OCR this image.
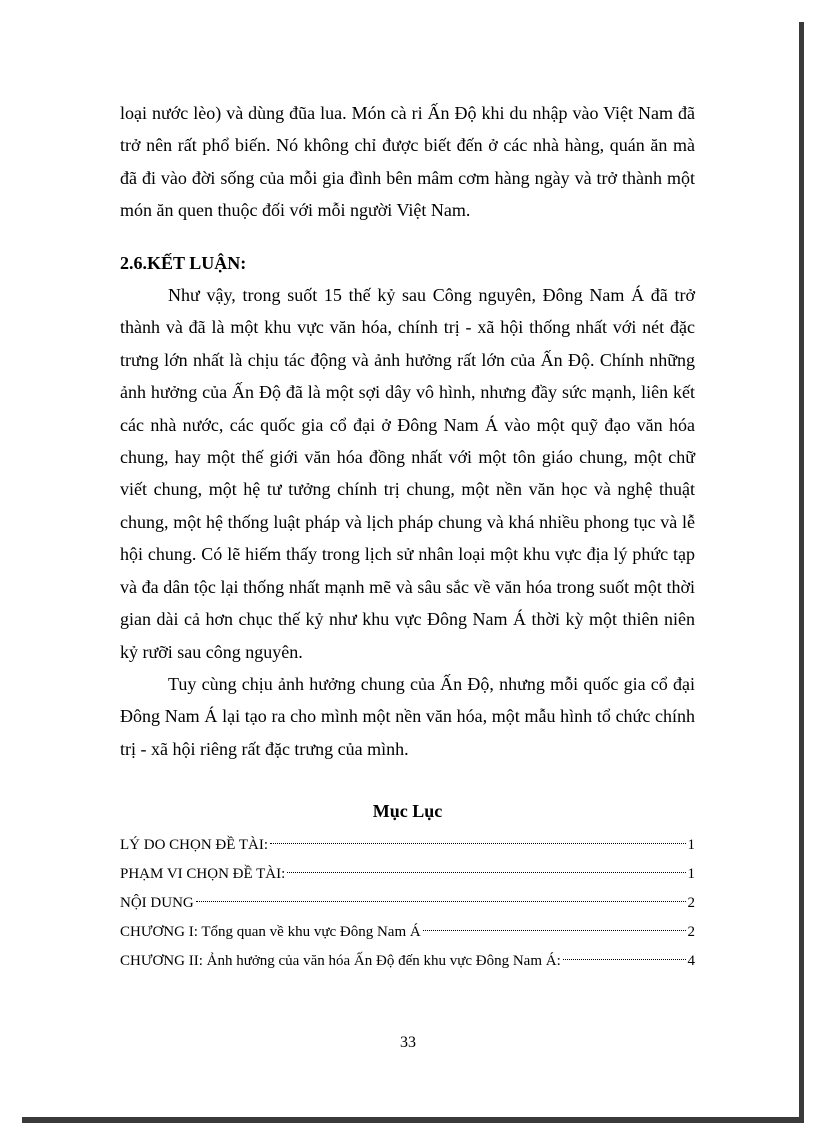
loại nước lèo) và dùng đũa lua. Món cà ri Ấn Độ khi du nhập vào Việt Nam đã trở nên rất phổ biến. Nó không chỉ được biết đến ở các nhà hàng, quán ăn mà đã đi vào đời sống của mỗi gia đình bên mâm cơm hàng ngày và trở thành một món ăn quen thuộc đối với mỗi người Việt Nam.

2.6.KẾT LUẬN:

Như vậy, trong suốt 15 thế kỷ sau Công nguyên, Đông Nam Á đã trở thành và đã là một khu vực văn hóa, chính trị - xã hội thống nhất với nét đặc trưng lớn nhất là chịu tác động và ảnh hưởng rất lớn của Ấn Độ. Chính những ảnh hưởng của Ấn Độ đã là một sợi dây vô hình, nhưng đầy sức mạnh, liên kết các nhà nước, các quốc gia cổ đại ở Đông Nam Á vào một quỹ đạo văn hóa chung, hay một thế giới văn hóa đồng nhất với một tôn giáo chung, một chữ viết chung, một hệ tư tưởng chính trị chung, một nền văn học và nghệ thuật chung, một hệ thống luật pháp và lịch pháp chung và khá nhiều phong tục và lễ hội chung. Có lẽ hiếm thấy trong lịch sử nhân loại một khu vực địa lý phức tạp và đa dân tộc lại thống nhất mạnh mẽ và sâu sắc về văn hóa trong suốt một thời gian dài cả hơn chục thế kỷ như khu vực Đông Nam Á thời kỳ một thiên niên kỷ rưỡi sau công nguyên.

Tuy cùng chịu ảnh hưởng chung của Ấn Độ, nhưng mỗi quốc gia cổ đại Đông Nam Á lại tạo ra cho mình một nền văn hóa, một mẫu hình tổ chức chính trị - xã hội riêng rất đặc trưng của mình.

Mục Lục
LÝ DO CHỌN ĐỀ TÀI:	1
PHẠM VI CHỌN ĐỀ TÀI:	1
NỘI DUNG	2
CHƯƠNG I: Tổng quan về khu vực Đông Nam Á	2
CHƯƠNG II: Ảnh hưởng của văn hóa Ấn Độ đến khu vực Đông Nam Á:	4
33
